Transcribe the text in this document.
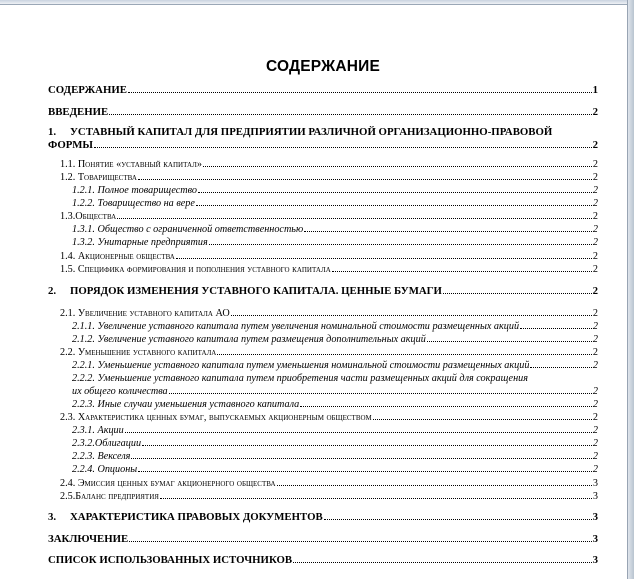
СОДЕРЖАНИЕ
СОДЕРЖАНИЕ	1
ВВЕДЕНИЕ	2
1.	УСТАВНЫЙ КАПИТАЛ ДЛЯ ПРЕДПРИЯТИИ РАЗЛИЧНОЙ ОРГАНИЗАЦИОННО-ПРАВОВОЙ
ФОРМЫ	2
1.1. Понятие «уставный капитал»	2
1.2. Товарищества	2
1.2.1. Полное товарищество	2
1.2.2. Товарищество на вере	2
1.3.Общества	2
1.3.1. Общество с ограниченной ответственностью	2
1.3.2. Унитарные предприятия	2
1.4. Акционерные общества	2
1.5. Специфика формирования и пополнения уставного капитала	2
2.	ПОРЯДОК ИЗМЕНЕНИЯ УСТАВНОГО КАПИТАЛА. ЦЕННЫЕ БУМАГИ	2
2.1. Увеличение уставного капитала АО	2
2.1.1. Увеличение уставного капитала путем увеличения номинальной стоимости размещенных акций	2
2.1.2. Увеличение уставного капитала путем размещения дополнительных акций	2
2.2. Уменьшение уставного капитала	2
2.2.1. Уменьшение уставного капитала путем уменьшения номинальной стоимости размещенных акций	2
2.2.2. Уменьшение уставного капитала путем приобретения части размещенных акций для сокращения
их общего количества	2
2.2.3. Иные случаи уменьшения уставного капитала	2
2.3. Характеристика ценных бумаг, выпускаемых акционерным обществом	2
2.3.1. Акции	2
2.3.2.Облигации	2
2.2.3. Векселя	2
2.2.4. Опционы	2
2.4. Эмиссия ценных бумаг акционерного общества	3
2.5.Баланс предприятия	3
3.	ХАРАКТЕРИСТИКА ПРАВОВЫХ ДОКУМЕНТОВ	3
ЗАКЛЮЧЕНИЕ	3
СПИСОК ИСПОЛЬЗОВАННЫХ ИСТОЧНИКОВ	3
